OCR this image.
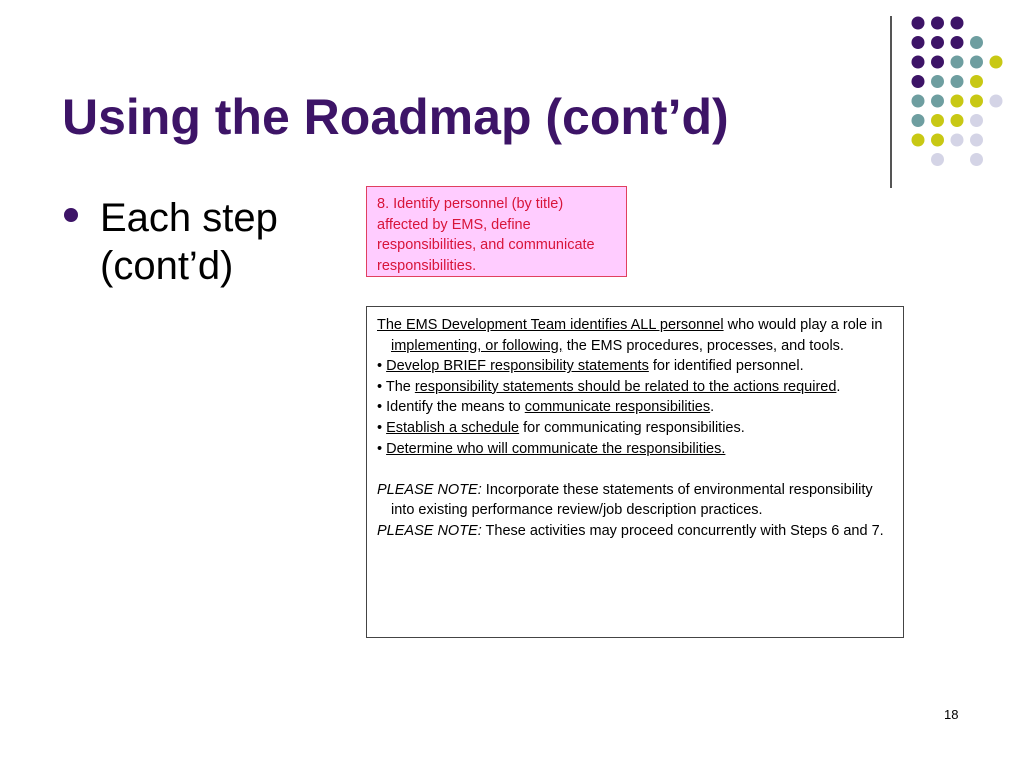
Using the Roadmap (cont’d)
Each step (cont’d)
8. Identify personnel (by title) affected by EMS, define responsibilities, and communicate responsibilities.

The EMS Development Team identifies ALL personnel who would play a role in implementing, or following, the EMS procedures, processes, and tools.

• Develop BRIEF responsibility statements for identified personnel.

• The responsibility statements should be related to the actions required.

• Identify the means to communicate responsibilities.

• Establish a schedule for communicating responsibilities.

• Determine who will communicate the responsibilities.

PLEASE NOTE: Incorporate these statements of environmental responsibility into existing performance review/job description practices.

PLEASE NOTE: These activities may proceed concurrently with Steps 6 and 7.

18
